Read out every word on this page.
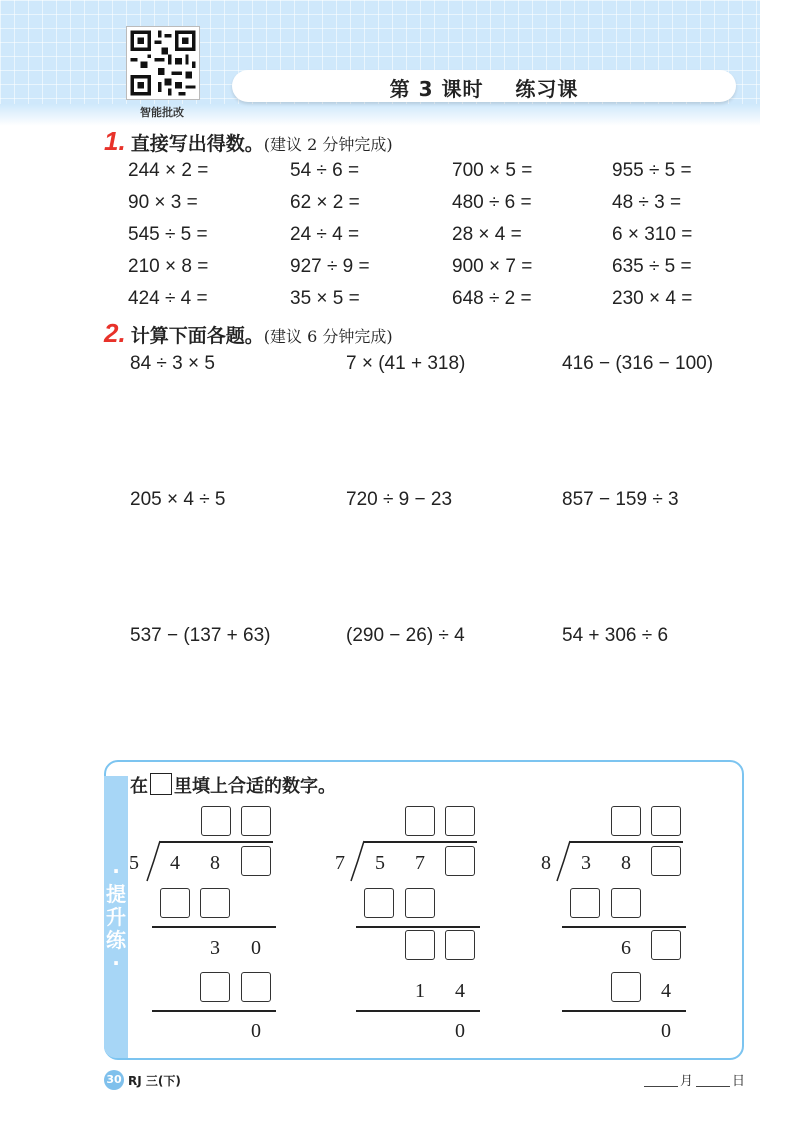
智能批改
第 3 课时    练习课
1. 直接写出得数。(建议 2 分钟完成)
244 × 2 =	54 ÷ 6 =	700 × 5 =	955 ÷ 5 =
90 × 3 =	62 × 2 =	480 ÷ 6 =	48 ÷ 3 =
545 ÷ 5 =	24 ÷ 4 =	28 × 4 =	6 × 310 =
210 × 8 =	927 ÷ 9 =	900 × 7 =	635 ÷ 5 =
424 ÷ 4 =	35 × 5 =	648 ÷ 2 =	230 × 4 =
2. 计算下面各题。(建议 6 分钟完成)
84 ÷ 3 × 5	7 × (41 + 318)	416 − (316 − 100)
205 × 4 ÷ 5	720 ÷ 9 − 23	857 − 159 ÷ 3
537 − (137 + 63)	(290 − 26) ÷ 4	54 + 306 ÷ 6
·提升练·
在 里填上合适的数字。
5	4	8
3	0
0
7	5	7
1	4
0
8	3	8
6
4
0
30 RJ 三(下)	月	日
